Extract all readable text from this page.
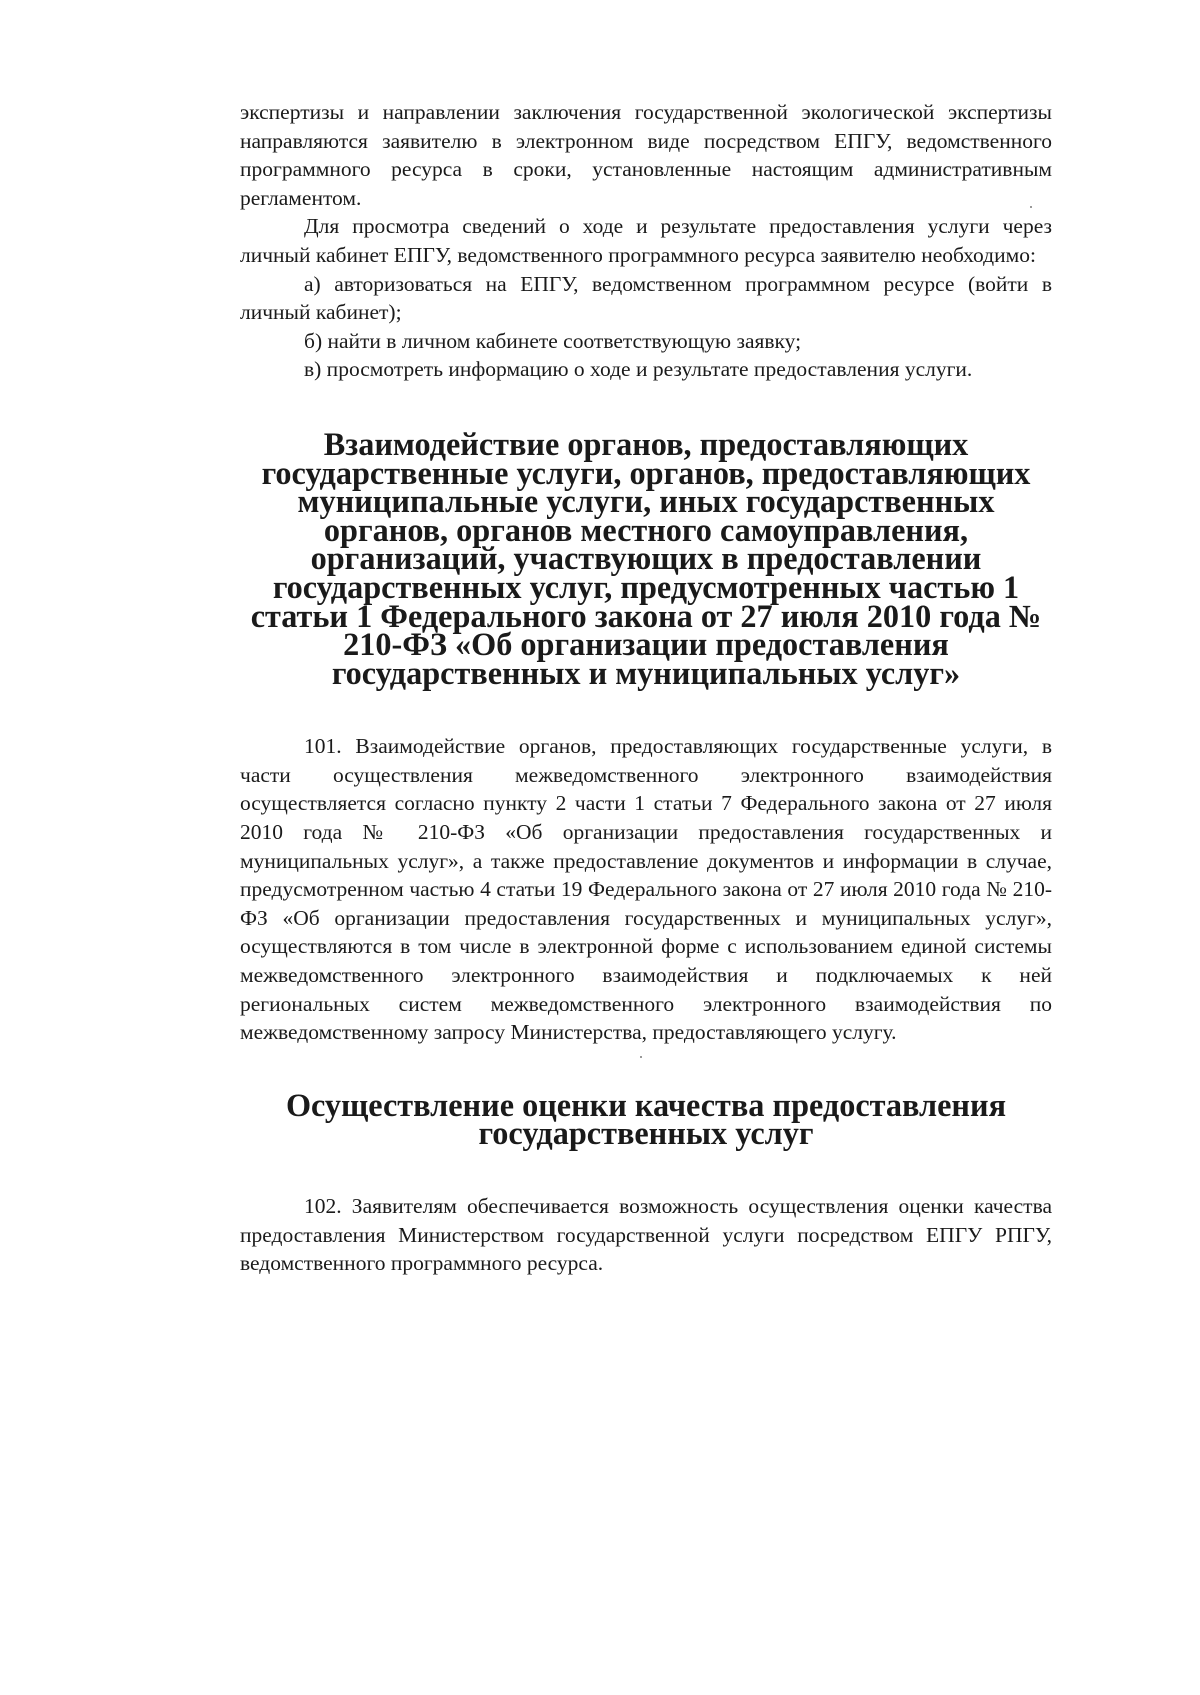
экспертизы и направлении заключения государственной экологической экспертизы направляются заявителю в электронном виде посредством ЕПГУ, ведомственного программного ресурса в сроки, установленные настоящим административным регламентом.

Для просмотра сведений о ходе и результате предоставления услуги через личный кабинет ЕПГУ, ведомственного программного ресурса заявителю необходимо:

а) авторизоваться на ЕПГУ, ведомственном программном ресурсе (войти в личный кабинет);

б) найти в личном кабинете соответствующую заявку;

в) просмотреть информацию о ходе и результате предоставления услуги.

Взаимодействие органов, предоставляющих государственные услуги, органов, предоставляющих муниципальные услуги, иных государственных органов, органов местного самоуправления, организаций, участвующих в предоставлении государственных услуг, предусмотренных частью 1 статьи 1 Федерального закона от 27 июля 2010 года № 210-ФЗ «Об организации предоставления государственных и муниципальных услуг»

101. Взаимодействие органов, предоставляющих государственные услуги, в части осуществления межведомственного электронного взаимодействия осуществляется согласно пункту 2 части 1 статьи 7 Федерального закона от 27 июля 2010 года № 210-ФЗ «Об организации предоставления государственных и муниципальных услуг», а также предоставление документов и информации в случае, предусмотренном частью 4 статьи 19 Федерального закона от 27 июля 2010 года № 210-ФЗ «Об организации предоставления государственных и муниципальных услуг», осуществляются в том числе в электронной форме с использованием единой системы межведомственного электронного взаимодействия и подключаемых к ней региональных систем межведомственного электронного взаимодействия по межведомственному запросу Министерства, предоставляющего услугу.

Осуществление оценки качества предоставления государственных услуг

102. Заявителям обеспечивается возможность осуществления оценки качества предоставления Министерством государственной услуги посредством ЕПГУ РПГУ, ведомственного программного ресурса.
